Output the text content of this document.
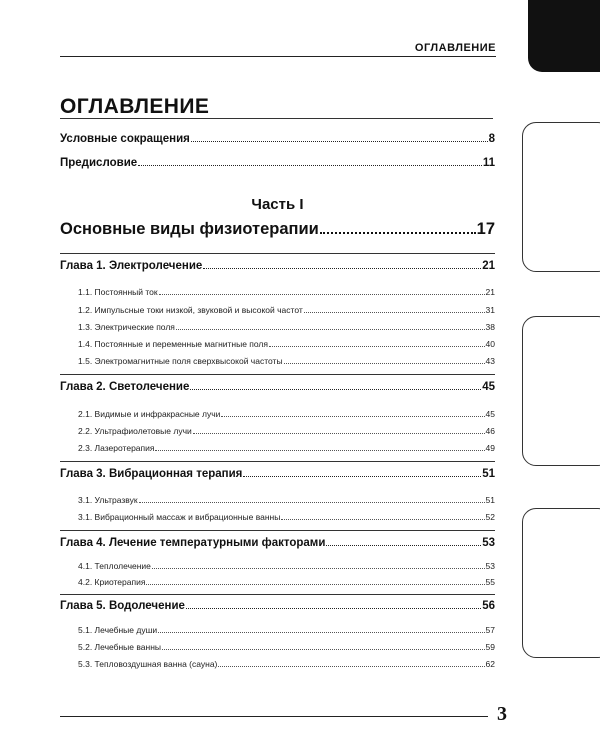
ОГЛАВЛЕНИЕ
ОГЛАВЛЕНИЕ
Условные сокращения	8
Предисловие	11
Часть I
Основные виды физиотерапии	17
Глава 1. Электролечение	21
1.1. Постоянный ток	21
1.2. Импульсные токи низкой, звуковой и высокой частот	31
1.3. Электрические поля	38
1.4. Постоянные и переменные магнитные поля	40
1.5. Электромагнитные поля сверхвысокой частоты	43
Глава 2. Светолечение	45
2.1. Видимые и инфракрасные лучи	45
2.2. Ультрафиолетовые лучи	46
2.3. Лазеротерапия	49
Глава 3. Вибрационная терапия	51
3.1. Ультразвук	51
3.1. Вибрационный массаж и вибрационные ванны	52
Глава 4. Лечение температурными факторами	53
4.1. Теплолечение	53
4.2. Криотерапия	55
Глава 5. Водолечение	56
5.1. Лечебные души	57
5.2. Лечебные ванны	59
5.3. Тепловоздушная ванна (сауна)	62
3
